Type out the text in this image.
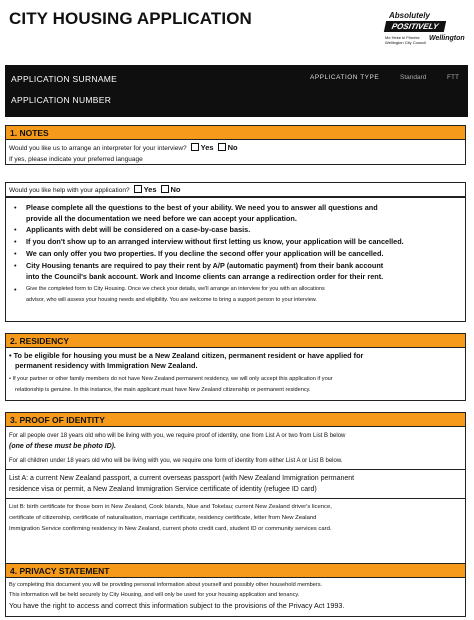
CITY HOUSING APPLICATION	Absolutely
POSITIVELY
Me Heke ki Pōneke
Wellington City Council
Wellington
APPLICATION SURNAME
APPLICATION NUMBER
APPLICATION TYPE	Standard	FTT
1. NOTES
Would you like us to arrange an interpreter for your interview? Yes No
If yes, please indicate your preferred language
Would you like help with your application? Yes No
• Please complete all the questions to the best of your ability. We need you to answer all questions and
provide all the documentation we need before we can accept your application.
• Applicants with debt will be considered on a case-by-case basis.
• If you don't show up to an arranged interview without first letting us know, your application will be cancelled.
• We can only offer you two properties. If you decline the second offer your application will be cancelled.
• City Housing tenants are required to pay their rent by A/P (automatic payment) from their bank account
into the Council's bank account. Work and Income clients can arrange a redirection order for their rent.
• Give the completed form to City Housing. Once we check your details, we'll arrange an interview for you with an allocations
advisor, who will assess your housing needs and eligibility. You are welcome to bring a support person to your interview.
2. RESIDENCY
• To be eligible for housing you must be a New Zealand citizen, permanent resident or have applied for
permanent residency with Immigration New Zealand.
• If your partner or other family members do not have New Zealand permanent residency, we will only accept this application if your
relationship is genuine. In this instance, the main applicant must have New Zealand citizenship or permanent residency.
3. PROOF OF IDENTITY
For all people over 18 years old who will be living with you, we require proof of identity, one from List A or two from List B below
(one of these must be photo ID).
For all children under 18 years old who will be living with you, we require one form of identity from either List A or List B below.
List A: a current New Zealand passport, a current overseas passport (with New Zealand Immigration permanent
residence visa or permit, a New Zealand Immigration Service certificate of identity (refugee ID card)
List B: birth certificate for those born in New Zealand, Cook Islands, Niue and Tokelau; current New Zealand driver's licence,
certificate of citizenship, certificate of naturalisation, marriage certificate, residency certificate, letter from New Zealand
Immigration Service confirming residency in New Zealand, current photo credit card, student ID or community services card.
4. PRIVACY STATEMENT
By completing this document you will be providing personal information about yourself and possibly other household members.
This information will be held securely by City Housing, and will only be used for your housing application and tenancy.
You have the right to access and correct this information subject to the provisions of the Privacy Act 1993.
